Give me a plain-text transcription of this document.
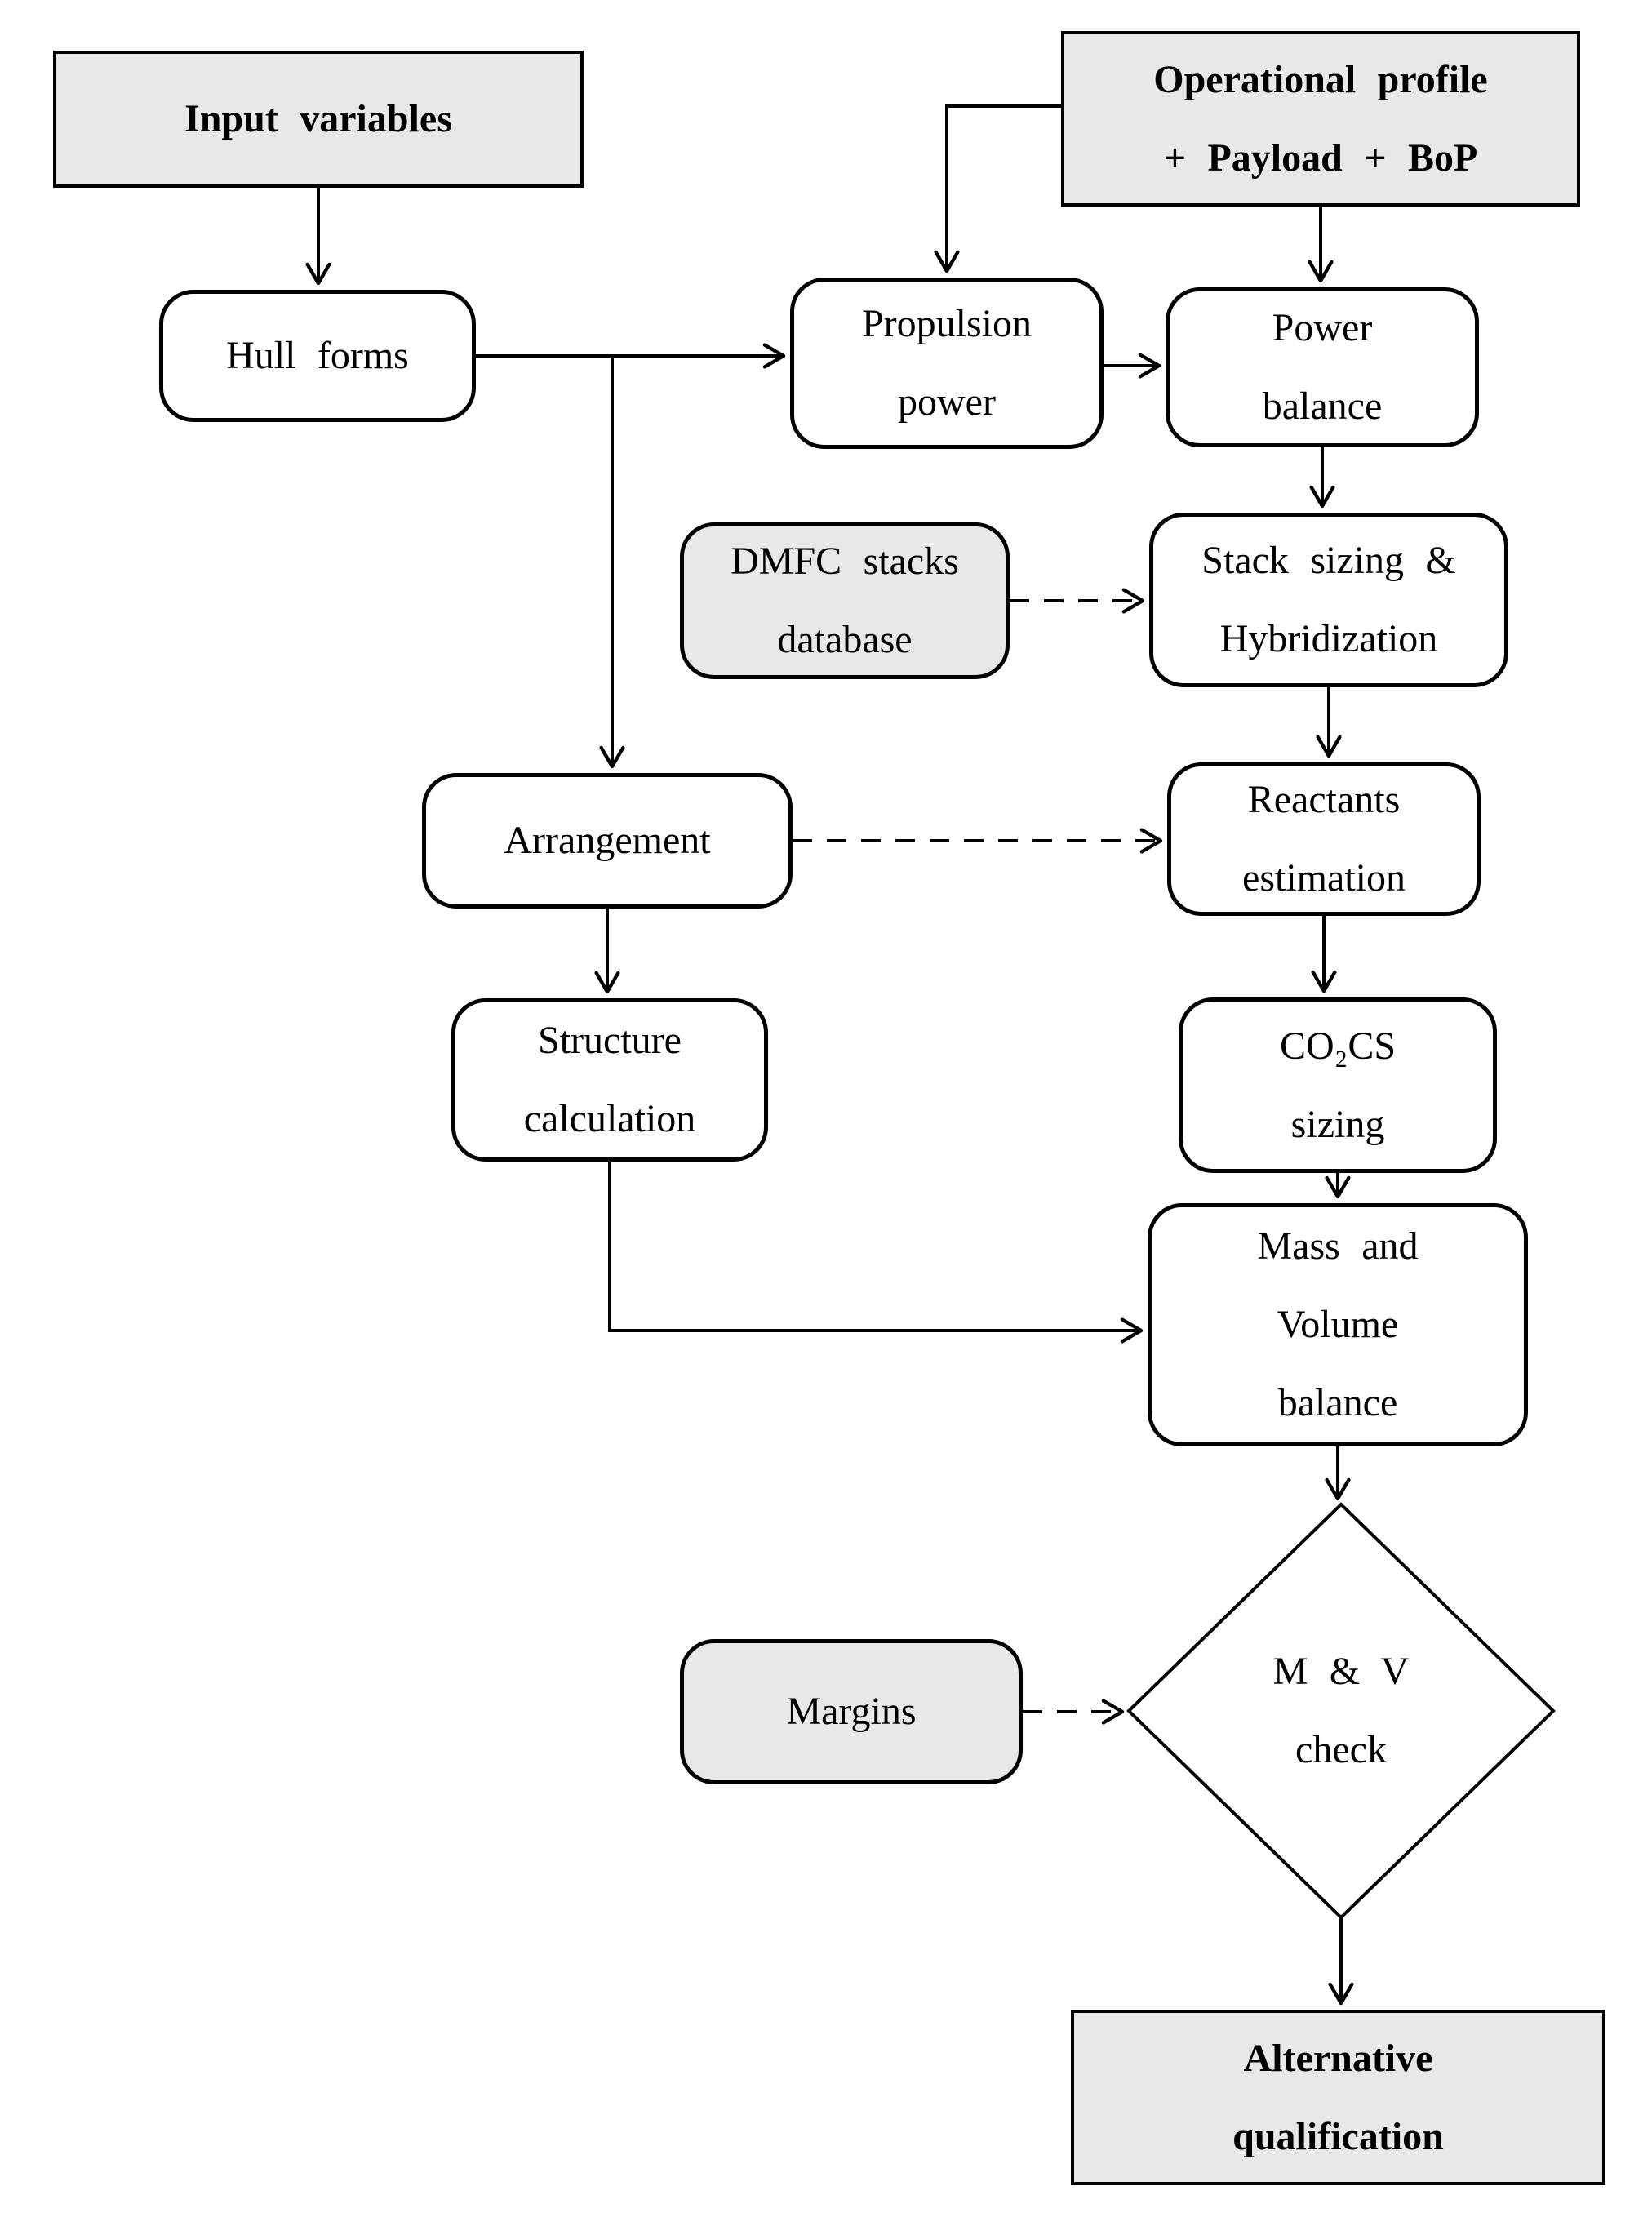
Input variables
Operational profile
+ Payload + BoP
Hull forms
Propulsion
power
Power
balance
DMFC stacks
database
Stack sizing &
Hybridization
Arrangement
Reactants
estimation
Structure
calculation
CO₂CS
sizing
Mass and
Volume
balance
Margins
M & V
check
Alternative
qualification
